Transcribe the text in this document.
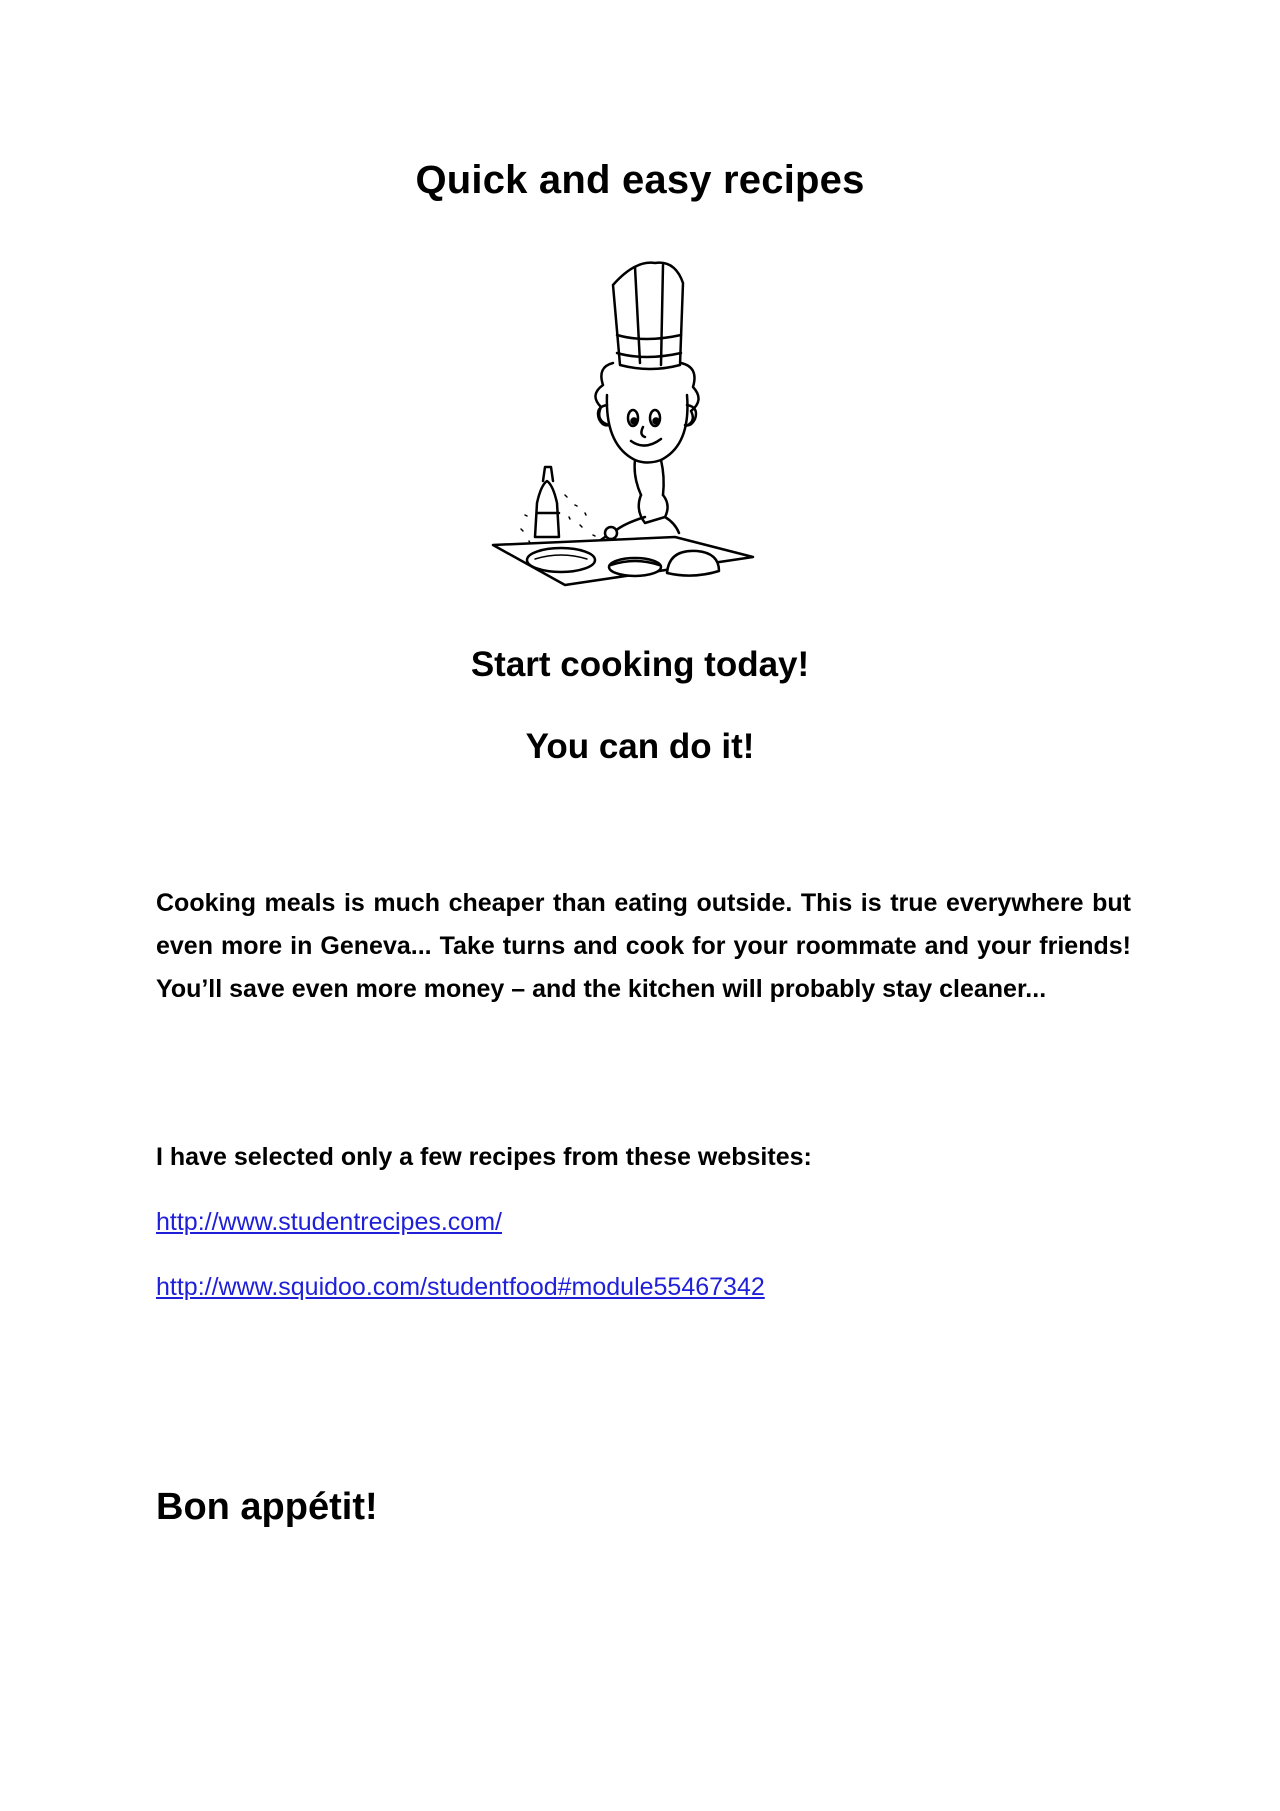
Quick and easy recipes
Start cooking today!
You can do it!

Cooking meals is much cheaper than eating outside. This is true everywhere but even more in Geneva... Take turns and cook for your roommate and your friends! You’ll save even more money – and the kitchen will probably stay cleaner...

I have selected only a few recipes from these websites:
http://www.studentrecipes.com/
http://www.squidoo.com/studentfood#module55467342
Bon appétit!
